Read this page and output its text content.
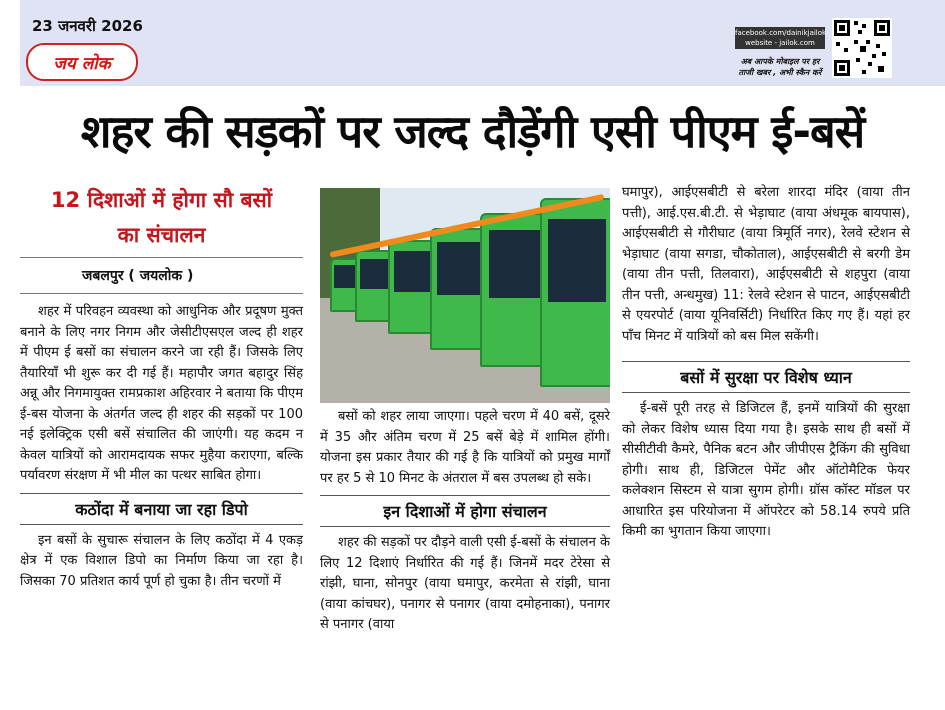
23 जनवरी 2026
जय लोक
facebook.com/dainikjailok
website - jailok.com
अब आपके मोबाइल पर हर
ताजी खबर , अभी स्कैन करें
शहर की सड़कों पर जल्द दौड़ेंगी एसी पीएम ई-बसें
12 दिशाओं में होगा सौ बसों
का संचालन
जबलपुर ( जयलोक )

शहर में परिवहन व्यवस्था को आधुनिक और प्रदूषण मुक्त बनाने के लिए नगर निगम और जेसीटीएसएल जल्द ही शहर में पीएम ई बसों का संचालन करने जा रही हैं। जिसके लिए तैयारियाँ भी शुरू कर दी गई हैं। महापौर जगत बहादुर सिंह अन्नू और निगमायुक्त रामप्रकाश अहिरवार ने बताया कि पीएम ई-बस योजना के अंतर्गत जल्द ही शहर की सड़कों पर 100 नई इलेक्ट्रिक एसी बसें संचालित की जाएंगी। यह कदम न केवल यात्रियों को आरामदायक सफर मुहैया कराएगा, बल्कि पर्यावरण संरक्षण में भी मील का पत्थर साबित होगा।

कठोंदा में बनाया जा रहा डिपो

इन बसों के सुचारू संचालन के लिए कठोंदा में 4 एकड़ क्षेत्र में एक विशाल डिपो का निर्माण किया जा रहा है। जिसका 70 प्रतिशत कार्य पूर्ण हो चुका है। तीन चरणों में

बसों को शहर लाया जाएगा। पहले चरण में 40 बसें, दूसरे में 35 और अंतिम चरण में 25 बसें बेड़े में शामिल होंगी। योजना इस प्रकार तैयार की गई है कि यात्रियों को प्रमुख मार्गों पर हर 5 से 10 मिनट के अंतराल में बस उपलब्ध हो सके।

इन दिशाओं में होगा संचालन

शहर की सड़कों पर दौड़ने वाली एसी ई-बसों के संचालन के लिए 12 दिशाएं निर्धारित की गई हैं। जिनमें मदर टेरेसा से रांझी, घाना, सोनपुर (वाया घमापुर, करमेता से रांझी, घाना (वाया कांचघर), पनागर से पनागर (वाया दमोहनाका), पनागर से पनागर (वाया

घमापुर), आईएसबीटी से बरेला शारदा मंदिर (वाया तीन पत्ती), आई.एस.बी.टी. से भेड़ाघाट (वाया अंधमूक बायपास), आईएसबीटी से गौरीघाट (वाया त्रिमूर्ति नगर), रेलवे स्टेशन से भेड़ाघाट (वाया सगडा, चौकोताल), आईएसबीटी से बरगी डेम (वाया तीन पत्ती, तिलवारा), आईएसबीटी से शहपुरा (वाया तीन पत्ती, अन्धमुख) 11: रेलवे स्टेशन से पाटन, आईएसबीटी से एयरपोर्ट (वाया यूनिवर्सिटी) निर्धारित किए गए हैं। यहां हर पाँच मिनट में यात्रियों को बस मिल सकेंगी।

बसों में सुरक्षा पर विशेष ध्यान

ई-बसें पूरी तरह से डिजिटल हैं, इनमें यात्रियों की सुरक्षा को लेकर विशेष ध्यास दिया गया है। इसके साथ ही बसों में सीसीटीवी कैमरे, पैनिक बटन और जीपीएस ट्रैकिंग की सुविधा होगी। साथ ही, डिजिटल पेमेंट और ऑटोमैटिक फेयर कलेक्शन सिस्टम से यात्रा सुगम होगी। ग्रॉस कॉस्ट मॉडल पर आधारित इस परियोजना में ऑपरेटर को 58.14 रुपये प्रति किमी का भुगतान किया जाएगा।
